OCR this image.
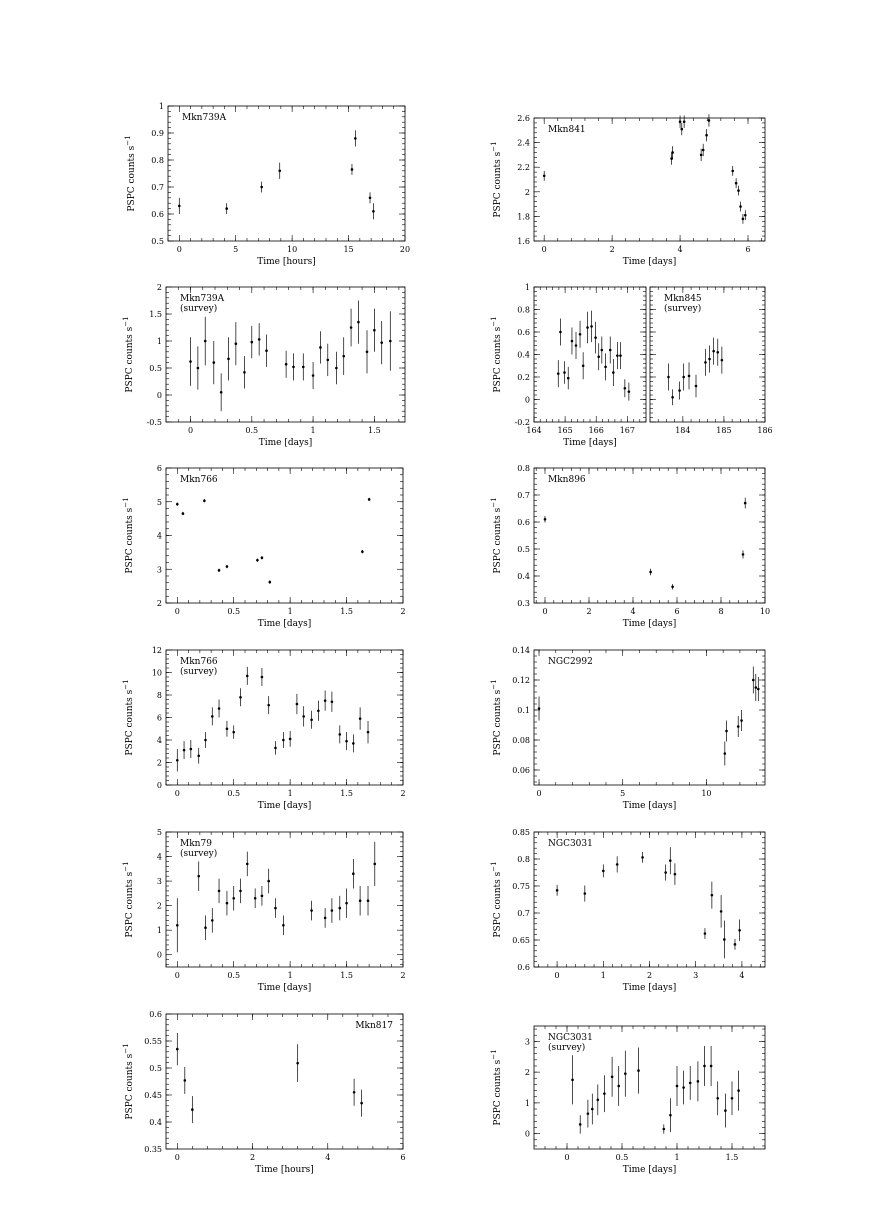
0	5	10	15	20
0.5
0.6
0.7
0.8
0.9
1
Time [hours]
PSPC counts $s^{-1}$
Mkn739A
0	2	4	6
1.6
1.8
2
2.2
2.4
2.6
Time [days]
PSPC counts $s^{-1}$
Mkn841
0	0.5	1	1.5
-0.5
0
0.5
1
1.5
2
Time [days]
PSPC counts $s^{-1}$
Mkn739A
(survey)
164 165 166 167
-0.2
0
0.2
0.4
0.6
0.8
1
Time [days]
PSPC counts $s^{-1}$
184	185	186
Mkn845
(survey)
0	0.5	1	1.5	2
2
3
4
5
6
Time [days]
PSPC counts $s^{-1}$
Mkn766
0	2	4	6	8	10
0.3
0.4
0.5
0.6
0.7
0.8
Time [days]
PSPC counts $s^{-1}$
Mkn896
0	0.5	1	1.5	2
0
2
4
6
8
10
12
Time [days]
PSPC counts $s^{-1}$
Mkn766
(survey)
0	5	10
0.06
0.08
0.1
0.12
0.14
Time [days]
PSPC counts $s^{-1}$
NGC2992
0	0.5	1	1.5	2
0
1
2
3
4
5
Time [days]
PSPC counts $s^{-1}$
Mkn79
(survey)
0	1	2	3	4
0.6
0.65
0.7
0.75
0.8
0.85
Time [days]
PSPC counts $s^{-1}$
NGC3031
0	2	4	6
0.35
0.4
0.45
0.5
0.55
0.6
Time [hours]
PSPC counts $s^{-1}$
Mkn817
0	0.5	1	1.5
0
1
2
3
Time [days]
PSPC counts $s^{-1}$
NGC3031
(survey)
